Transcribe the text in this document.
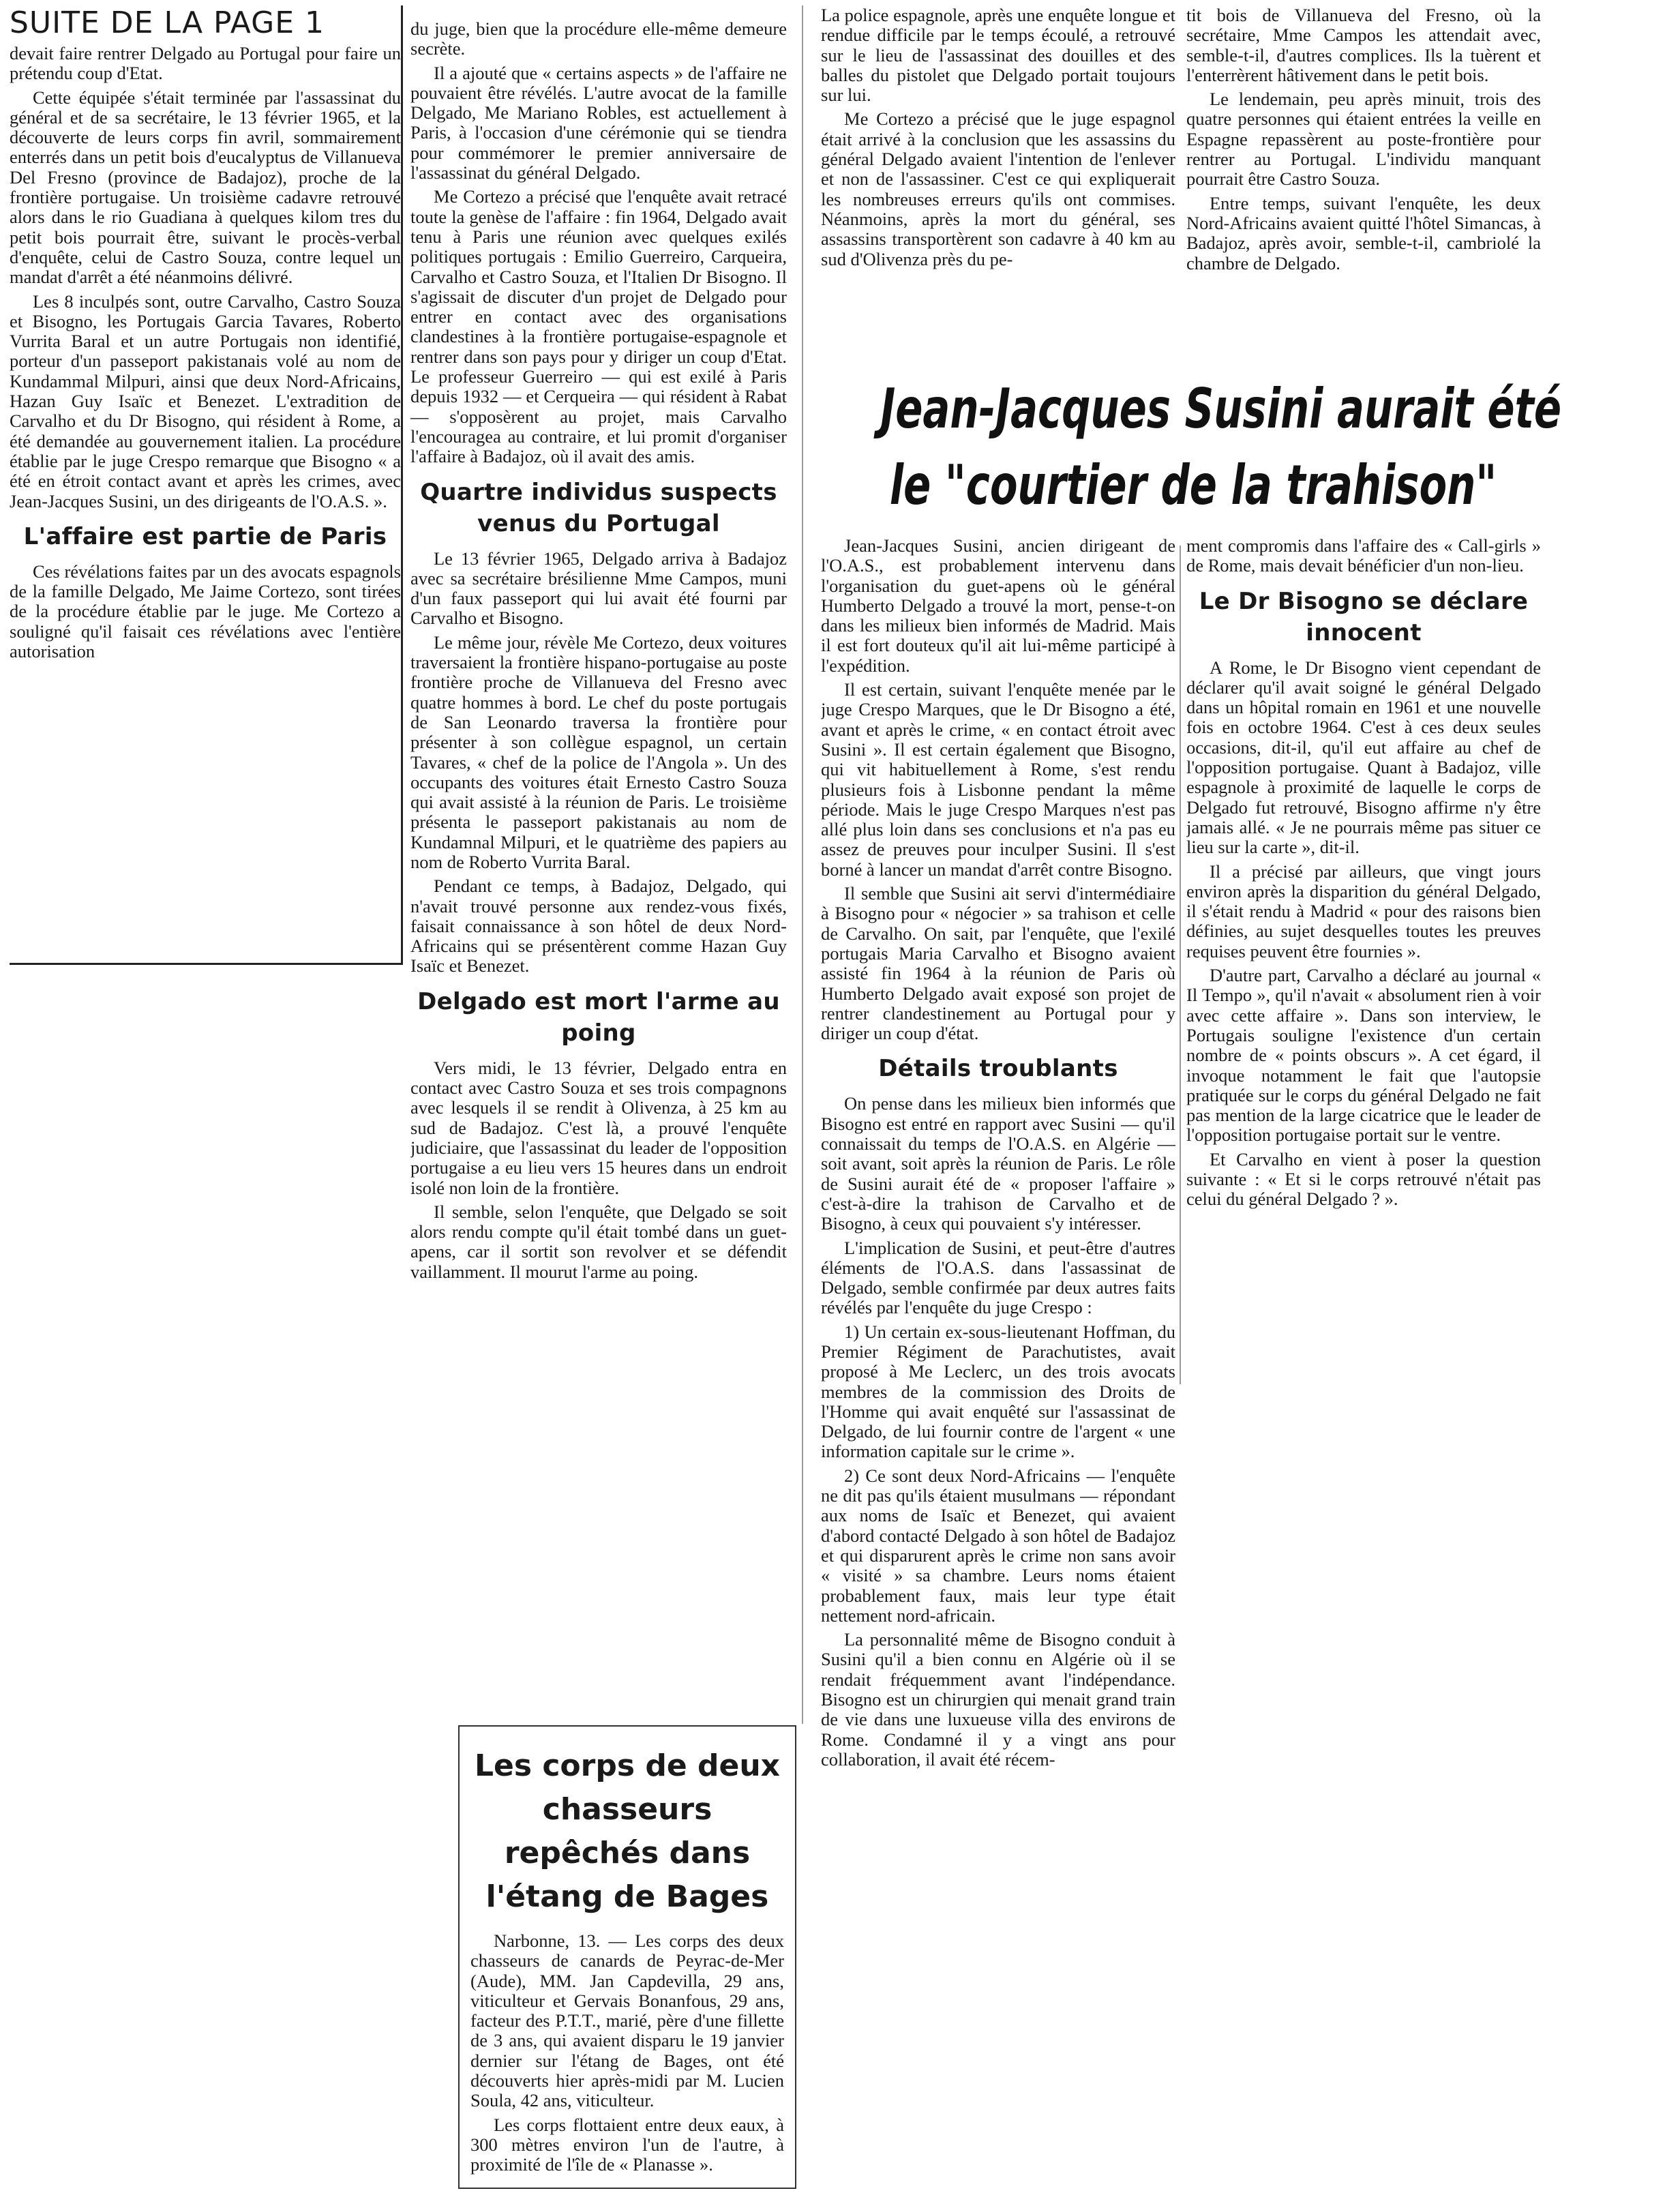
SUITE DE LA PAGE 1

devait faire rentrer Delgado au Portugal pour faire un prétendu coup d'Etat.

Cette équipée s'était terminée par l'assassinat du général et de sa secrétaire, le 13 février 1965, et la découverte de leurs corps fin avril, sommairement enterrés dans un petit bois d'eucalyptus de Villanueva Del Fresno (province de Badajoz), proche de la frontière portugaise. Un troisième cadavre retrouvé alors dans le rio Guadiana à quelques kilom tres du petit bois pourrait être, suivant le procès-verbal d'enquête, celui de Castro Souza, contre lequel un mandat d'arrêt a été néanmoins délivré.

Les 8 inculpés sont, outre Carvalho, Castro Souza et Bisogno, les Portugais Garcia Tavares, Roberto Vurrita Baral et un autre Portugais non identifié, porteur d'un passeport pakistanais volé au nom de Kundammal Milpuri, ainsi que deux Nord-Africains, Hazan Guy Isaïc et Benezet. L'extradition de Carvalho et du Dr Bisogno, qui résident à Rome, a été demandée au gouvernement italien. La procédure établie par le juge Crespo remarque que Bisogno « a été en étroit contact avant et après les crimes, avec Jean-Jacques Susini, un des dirigeants de l'O.A.S. ».

L'affaire est partie de Paris

Ces révélations faites par un des avocats espagnols de la famille Delgado, Me Jaime Cortezo, sont tirées de la procédure établie par le juge. Me Cortezo a souligné qu'il faisait ces révélations avec l'entière autorisation

du juge, bien que la procédure elle-même demeure secrète.

Il a ajouté que « certains aspects » de l'affaire ne pouvaient être révélés. L'autre avocat de la famille Delgado, Me Mariano Robles, est actuellement à Paris, à l'occasion d'une cérémonie qui se tiendra pour commémorer le premier anniversaire de l'assassinat du général Delgado.

Me Cortezo a précisé que l'enquête avait retracé toute la genèse de l'affaire : fin 1964, Delgado avait tenu à Paris une réunion avec quelques exilés politiques portugais : Emilio Guerreiro, Carqueira, Carvalho et Castro Souza, et l'Italien Dr Bisogno. Il s'agissait de discuter d'un projet de Delgado pour entrer en contact avec des organisations clandestines à la frontière portugaise-espagnole et rentrer dans son pays pour y diriger un coup d'Etat. Le professeur Guerreiro — qui est exilé à Paris depuis 1932 — et Cerqueira — qui résident à Rabat — s'opposèrent au projet, mais Carvalho l'encouragea au contraire, et lui promit d'organiser l'affaire à Badajoz, où il avait des amis.

Quartre individus suspects venus du Portugal

Le 13 février 1965, Delgado arriva à Badajoz avec sa secrétaire brésilienne Mme Campos, muni d'un faux passeport qui lui avait été fourni par Carvalho et Bisogno.

Le même jour, révèle Me Cortezo, deux voitures traversaient la frontière hispano-portugaise au poste frontière proche de Villanueva del Fresno avec quatre hommes à bord. Le chef du poste portugais de San Leonardo traversa la frontière pour présenter à son collègue espagnol, un certain Tavares, « chef de la police de l'Angola ». Un des occupants des voitures était Ernesto Castro Souza qui avait assisté à la réunion de Paris. Le troisième présenta le passeport pakistanais au nom de Kundamnal Milpuri, et le quatrième des papiers au nom de Roberto Vurrita Baral.

Pendant ce temps, à Badajoz, Delgado, qui n'avait trouvé personne aux rendez-vous fixés, faisait connaissance à son hôtel de deux Nord-Africains qui se présentèrent comme Hazan Guy Isaïc et Benezet.

Delgado est mort l'arme au poing

Vers midi, le 13 février, Delgado entra en contact avec Castro Souza et ses trois compagnons avec lesquels il se rendit à Olivenza, à 25 km au sud de Badajoz. C'est là, a prouvé l'enquête judiciaire, que l'assassinat du leader de l'opposition portugaise a eu lieu vers 15 heures dans un endroit isolé non loin de la frontière.

Il semble, selon l'enquête, que Delgado se soit alors rendu compte qu'il était tombé dans un guet-apens, car il sortit son revolver et se défendit vaillamment. Il mourut l'arme au poing.

Les corps de deux chasseurs repêchés dans l'étang de Bages

Narbonne, 13. — Les corps des deux chasseurs de canards de Peyrac-de-Mer (Aude), MM. Jan Capdevilla, 29 ans, viticulteur et Gervais Bonanfous, 29 ans, facteur des P.T.T., marié, père d'une fillette de 3 ans, qui avaient disparu le 19 janvier dernier sur l'étang de Bages, ont été découverts hier après-midi par M. Lucien Soula, 42 ans, viticulteur.

Les corps flottaient entre deux eaux, à 300 mètres environ l'un de l'autre, à proximité de l'île de « Planasse ».

La police espagnole, après une enquête longue et rendue difficile par le temps écoulé, a retrouvé sur le lieu de l'assassinat des douilles et des balles du pistolet que Delgado portait toujours sur lui.

Me Cortezo a précisé que le juge espagnol était arrivé à la conclusion que les assassins du général Delgado avaient l'intention de l'enlever et non de l'assassiner. C'est ce qui expliquerait les nombreuses erreurs qu'ils ont commises. Néanmoins, après la mort du général, ses assassins transportèrent son cadavre à 40 km au sud d'Olivenza près du pe-

tit bois de Villanueva del Fresno, où la secrétaire, Mme Campos les attendait avec, semble-t-il, d'autres complices. Ils la tuèrent et l'enterrèrent hâtivement dans le petit bois.

Le lendemain, peu après minuit, trois des quatre personnes qui étaient entrées la veille en Espagne repassèrent au poste-frontière pour rentrer au Portugal. L'individu manquant pourrait être Castro Souza.

Entre temps, suivant l'enquête, les deux Nord-Africains avaient quitté l'hôtel Simancas, à Badajoz, après avoir, semble-t-il, cambriolé la chambre de Delgado.

Jean-Jacques Susini aurait été
le "courtier de la trahison"

Jean-Jacques Susini, ancien dirigeant de l'O.A.S., est probablement intervenu dans l'organisation du guet-apens où le général Humberto Delgado a trouvé la mort, pense-t-on dans les milieux bien informés de Madrid. Mais il est fort douteux qu'il ait lui-même participé à l'expédition.

Il est certain, suivant l'enquête menée par le juge Crespo Marques, que le Dr Bisogno a été, avant et après le crime, « en contact étroit avec Susini ». Il est certain également que Bisogno, qui vit habituellement à Rome, s'est rendu plusieurs fois à Lisbonne pendant la même période. Mais le juge Crespo Marques n'est pas allé plus loin dans ses conclusions et n'a pas eu assez de preuves pour inculper Susini. Il s'est borné à lancer un mandat d'arrêt contre Bisogno.

Il semble que Susini ait servi d'intermédiaire à Bisogno pour « négocier » sa trahison et celle de Carvalho. On sait, par l'enquête, que l'exilé portugais Maria Carvalho et Bisogno avaient assisté fin 1964 à la réunion de Paris où Humberto Delgado avait exposé son projet de rentrer clandestinement au Portugal pour y diriger un coup d'état.

Détails troublants

On pense dans les milieux bien informés que Bisogno est entré en rapport avec Susini — qu'il connaissait du temps de l'O.A.S. en Algérie — soit avant, soit après la réunion de Paris. Le rôle de Susini aurait été de « proposer l'affaire » c'est-à-dire la trahison de Carvalho et de Bisogno, à ceux qui pouvaient s'y intéresser.

L'implication de Susini, et peut-être d'autres éléments de l'O.A.S. dans l'assassinat de Delgado, semble confirmée par deux autres faits révélés par l'enquête du juge Crespo :

1) Un certain ex-sous-lieutenant Hoffman, du Premier Régiment de Parachutistes, avait proposé à Me Leclerc, un des trois avocats membres de la commission des Droits de l'Homme qui avait enquêté sur l'assassinat de Delgado, de lui fournir contre de l'argent « une information capitale sur le crime ».

2) Ce sont deux Nord-Africains — l'enquête ne dit pas qu'ils étaient musulmans — répondant aux noms de Isaïc et Benezet, qui avaient d'abord contacté Delgado à son hôtel de Badajoz et qui disparurent après le crime non sans avoir « visité » sa chambre. Leurs noms étaient probablement faux, mais leur type était nettement nord-africain.

La personnalité même de Bisogno conduit à Susini qu'il a bien connu en Algérie où il se rendait fréquemment avant l'indépendance. Bisogno est un chirurgien qui menait grand train de vie dans une luxueuse villa des environs de Rome. Condamné il y a vingt ans pour collaboration, il avait été récem-

ment compromis dans l'affaire des « Call-girls » de Rome, mais devait bénéficier d'un non-lieu.

Le Dr Bisogno se déclare innocent

A Rome, le Dr Bisogno vient cependant de déclarer qu'il avait soigné le général Delgado dans un hôpital romain en 1961 et une nouvelle fois en octobre 1964. C'est à ces deux seules occasions, dit-il, qu'il eut affaire au chef de l'opposition portugaise. Quant à Badajoz, ville espagnole à proximité de laquelle le corps de Delgado fut retrouvé, Bisogno affirme n'y être jamais allé. « Je ne pourrais même pas situer ce lieu sur la carte », dit-il.

Il a précisé par ailleurs, que vingt jours environ après la disparition du général Delgado, il s'était rendu à Madrid « pour des raisons bien définies, au sujet desquelles toutes les preuves requises peuvent être fournies ».

D'autre part, Carvalho a déclaré au journal « Il Tempo », qu'il n'avait « absolument rien à voir avec cette affaire ». Dans son interview, le Portugais souligne l'existence d'un certain nombre de « points obscurs ». A cet égard, il invoque notamment le fait que l'autopsie pratiquée sur le corps du général Delgado ne fait pas mention de la large cicatrice que le leader de l'opposition portugaise portait sur le ventre.

Et Carvalho en vient à poser la question suivante : « Et si le corps retrouvé n'était pas celui du général Delgado ? ».
